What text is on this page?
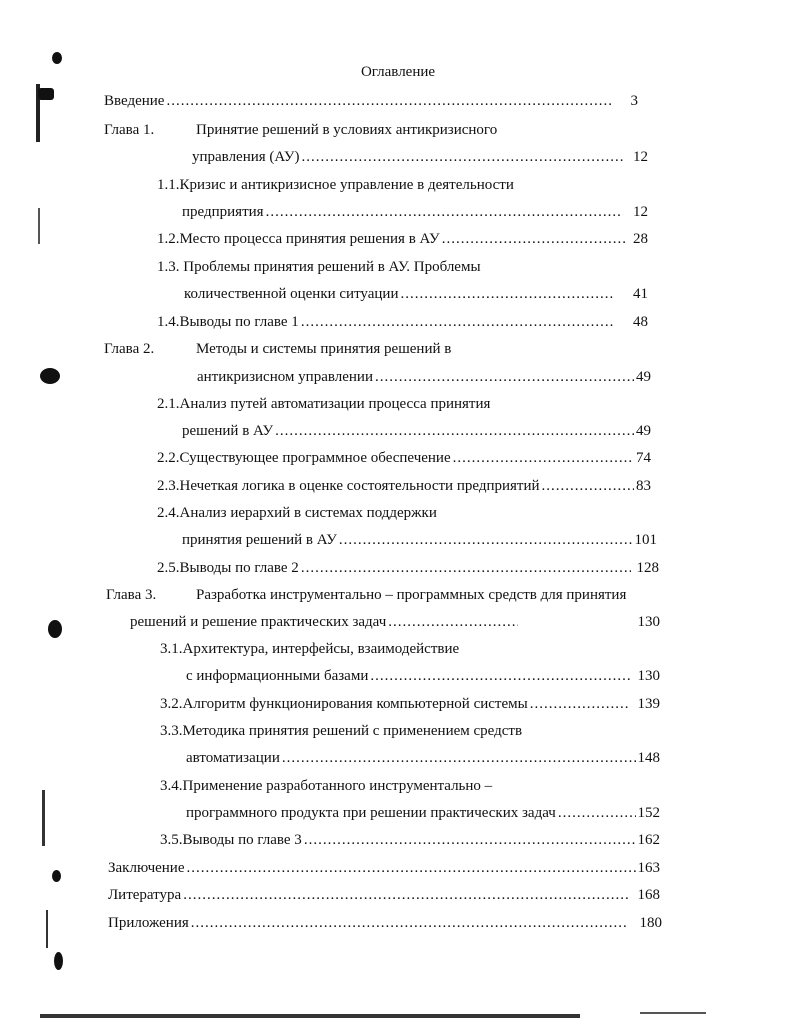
Оглавление
Введение .....	3
Глава 1.	Принятие решений в условиях антикризисного
управления (АУ) .....	12
1.1.Кризис и антикризисное управление в деятельности
предприятия .....	12
1.2.Место процесса принятия решения в АУ .....	28
1.3. Проблемы принятия решений в АУ. Проблемы
количественной оценки ситуации .....	41
1.4.Выводы по главе 1 .....	48
Глава 2.	Методы и системы принятия решений в
антикризисном управлении .....	49
2.1.Анализ путей автоматизации процесса принятия
решений в АУ .....	49
2.2.Существующее программное обеспечение .....	74
2.3.Нечеткая логика в оценке состоятельности предприятий .....	83
2.4.Анализ иерархий в системах поддержки
принятия решений в АУ .....	101
2.5.Выводы по главе 2 .....	128
Глава 3.	Разработка инструментально – программных средств для принятия
решений и решение практических задач .....	130
3.1.Архитектура, интерфейсы, взаимодействие
с информационными базами .....	130
3.2.Алгоритм функционирования компьютерной системы .....	139
3.3.Методика принятия решений с применением средств
автоматизации .....	148
3.4.Применение разработанного инструментально –
программного продукта при решении практических задач .....	152
3.5.Выводы по главе 3 .....	162
Заключение .....	163
Литература .....	168
Приложения .....	180
